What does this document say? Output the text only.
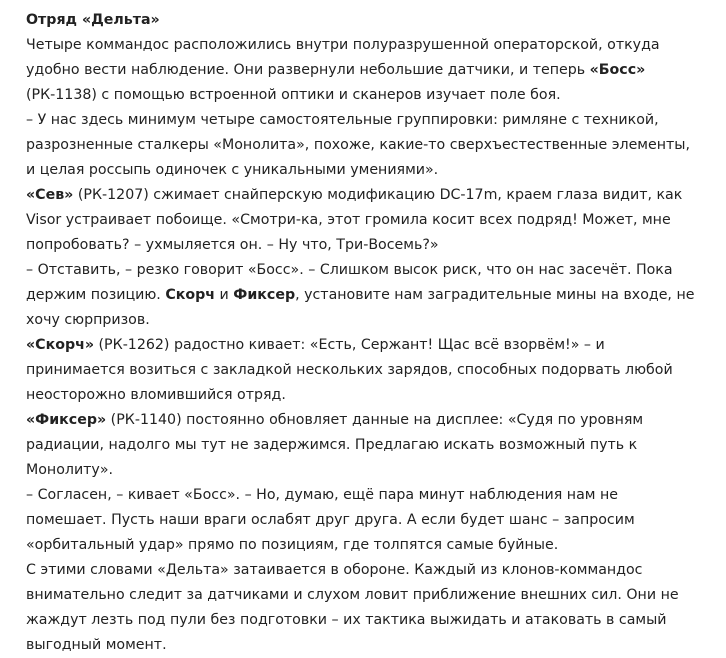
Отряд «Дельта»

Четыре коммандос расположились внутри полуразрушенной операторской, откуда удобно вести наблюдение. Они развернули небольшие датчики, и теперь «Босс» (РК-1138) с помощью встроенной оптики и сканеров изучает поле боя.

– У нас здесь минимум четыре самостоятельные группировки: римляне с техникой, разрозненные сталкеры «Монолита», похоже, какие-то сверхъестественные элементы, и целая россыпь одиночек с уникальными умениями».

«Сев» (РК-1207) сжимает снайперскую модификацию DC-17m, краем глаза видит, как Visor устраивает побоище. «Смотри-ка, этот громила косит всех подряд! Может, мне попробовать? – ухмыляется он. – Ну что, Три-Восемь?»

– Отставить, – резко говорит «Босс». – Слишком высок риск, что он нас засечёт. Пока держим позицию. Скорч и Фиксер, установите нам заградительные мины на входе, не хочу сюрпризов.

«Скорч» (РК-1262) радостно кивает: «Есть, Сержант! Щас всё взорвём!» – и принимается возиться с закладкой нескольких зарядов, способных подорвать любой неосторожно вломившийся отряд.

«Фиксер» (РК-1140) постоянно обновляет данные на дисплее: «Судя по уровням радиации, надолго мы тут не задержимся. Предлагаю искать возможный путь к Монолиту».

– Согласен, – кивает «Босс». – Но, думаю, ещё пара минут наблюдения нам не помешает. Пусть наши враги ослабят друг друга. А если будет шанс – запросим «орбитальный удар» прямо по позициям, где толпятся самые буйные.

С этими словами «Дельта» затаивается в обороне. Каждый из клонов-коммандос внимательно следит за датчиками и слухом ловит приближение внешних сил. Они не жаждут лезть под пули без подготовки – их тактика выжидать и атаковать в самый выгодный момент.
